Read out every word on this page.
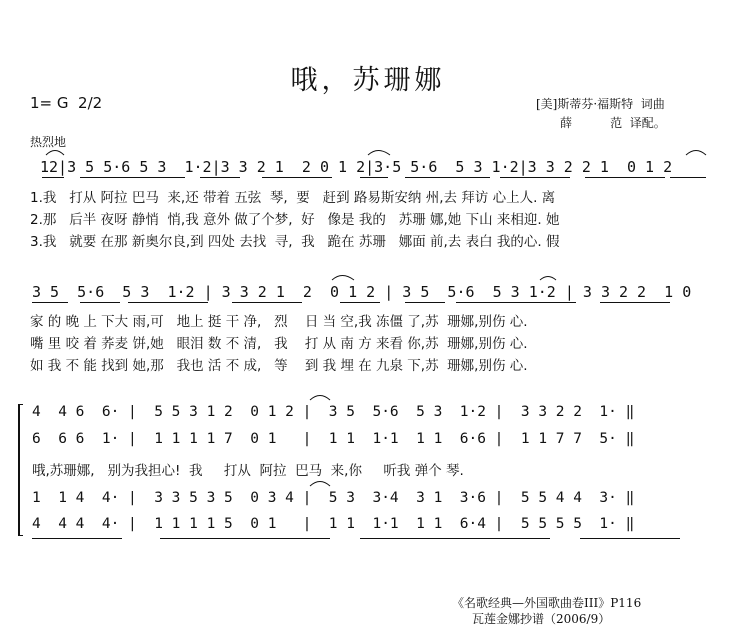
哦，苏珊娜
1= G  2/2	[美]斯蒂芬·福斯特  词曲
薛          范  译配。
热烈地
12|3 5 5·6 5 3  1·2|3 3 2 1  2 0 1 2|3·5 5·6  5 3 1·2|3 3 2 2 1  0 1 2
1.我   打从 阿拉 巴马  来,还 带着 五弦  琴,  要   赶到 路易斯安纳 州,去 拜访 心上人. 离
2.那   后半 夜呀 静悄  悄,我 意外 做了个梦,  好   像是 我的   苏珊 娜,她 下山 来相迎. 她
3.我   就要 在那 新奥尔良,到 四处 去找  寻,  我   跪在 苏珊   娜面 前,去 表白 我的心. 假
3 5  5·6  5 3  1·2 | 3 3 2 1  2  0 1 2 | 3 5  5·6  5 3 1·2 | 3 3 2 2  1 0
家 的 晚 上 下大 雨,可   地上 挺 干 净,   烈    日 当 空,我 冻僵 了,苏  珊娜,别伤 心.
嘴 里 咬 着 荞麦 饼,她   眼泪 数 不 清,   我    打 从 南 方 来看 你,苏  珊娜,别伤 心.
如 我 不 能 找到 她,那   我也 活 不 成,   等    到 我 埋 在 九泉 下,苏  珊娜,别伤 心.
4  4 6  6· |  5 5 3 1 2  0 1 2 |  3 5  5·6  5 3  1·2 |  3 3 2 2  1· ‖
6  6 6  1· |  1 1 1 1 7  0 1   |  1 1  1·1  1 1  6·6 |  1 1 7 7  5· ‖
哦,苏珊娜,   别为我担心!  我     打从  阿拉  巴马  来,你     听我 弹个 琴.
1  1 4  4· |  3 3 5 3 5  0 3 4 |  5 3  3·4  3 1  3·6 |  5 5 4 4  3· ‖
4  4 4  4· |  1 1 1 1 5  0 1   |  1 1  1·1  1 1  6·4 |  5 5 5 5  1· ‖
《名歌经典—外国歌曲卷III》P116
瓦莲金娜抄谱（2006/9）
